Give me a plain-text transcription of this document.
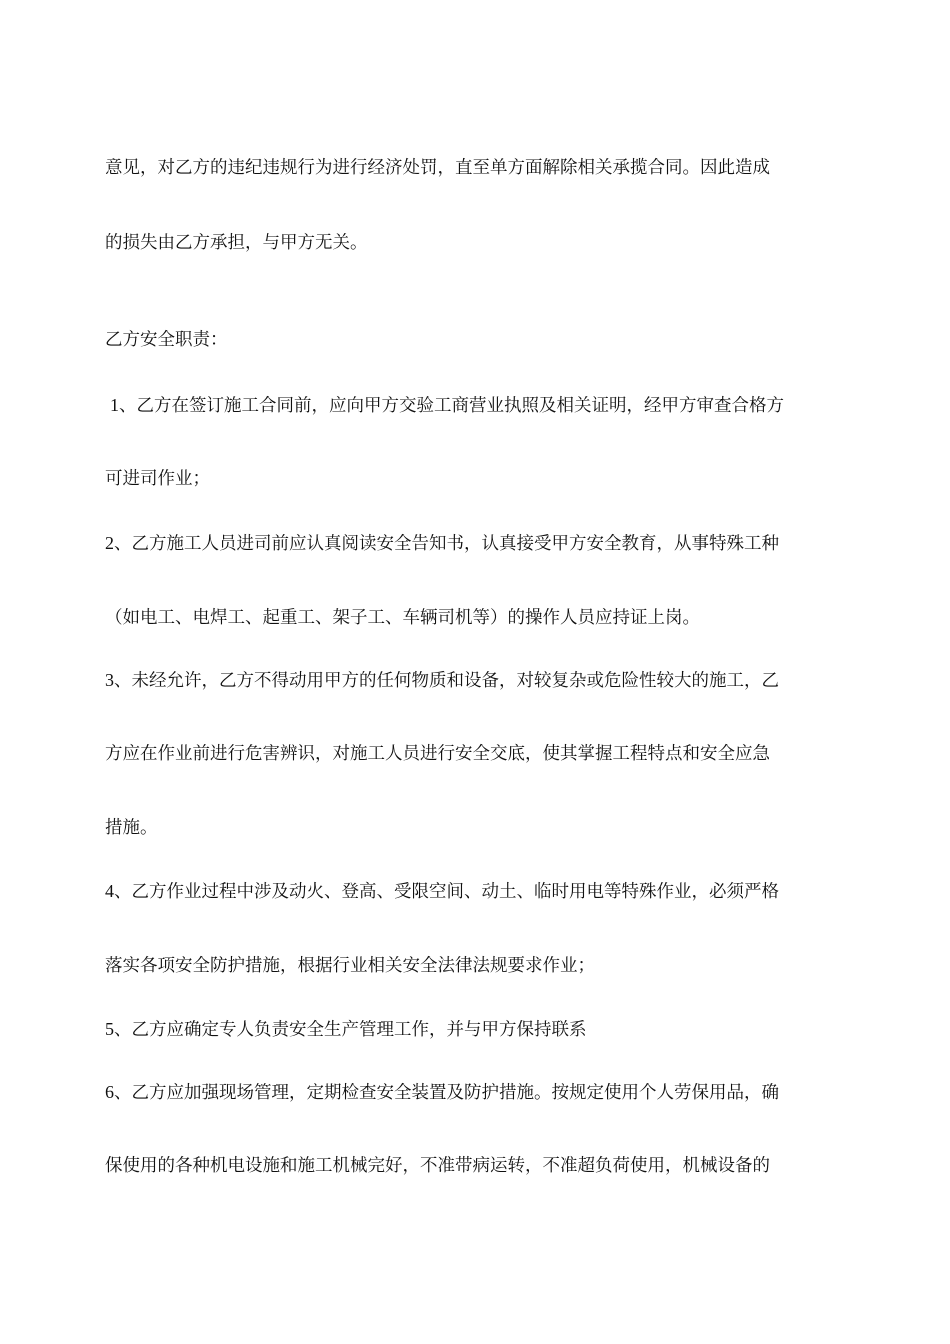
意见，对乙方的违纪违规行为进行经济处罚，直至单方面解除相关承揽合同。因此造成
的损失由乙方承担，与甲方无关。
乙方安全职责：
1、乙方在签订施工合同前，应向甲方交验工商营业执照及相关证明，经甲方审查合格方
可进司作业；
2、乙方施工人员进司前应认真阅读安全告知书，认真接受甲方安全教育，从事特殊工种
（如电工、电焊工、起重工、架子工、车辆司机等）的操作人员应持证上岗。
3、未经允许，乙方不得动用甲方的任何物质和设备，对较复杂或危险性较大的施工，乙
方应在作业前进行危害辨识，对施工人员进行安全交底，使其掌握工程特点和安全应急
措施。
4、乙方作业过程中涉及动火、登高、受限空间、动土、临时用电等特殊作业，必须严格
落实各项安全防护措施，根据行业相关安全法律法规要求作业；
5、乙方应确定专人负责安全生产管理工作，并与甲方保持联系
6、乙方应加强现场管理，定期检查安全装置及防护措施。按规定使用个人劳保用品，确
保使用的各种机电设施和施工机械完好，不准带病运转，不准超负荷使用，机械设备的
